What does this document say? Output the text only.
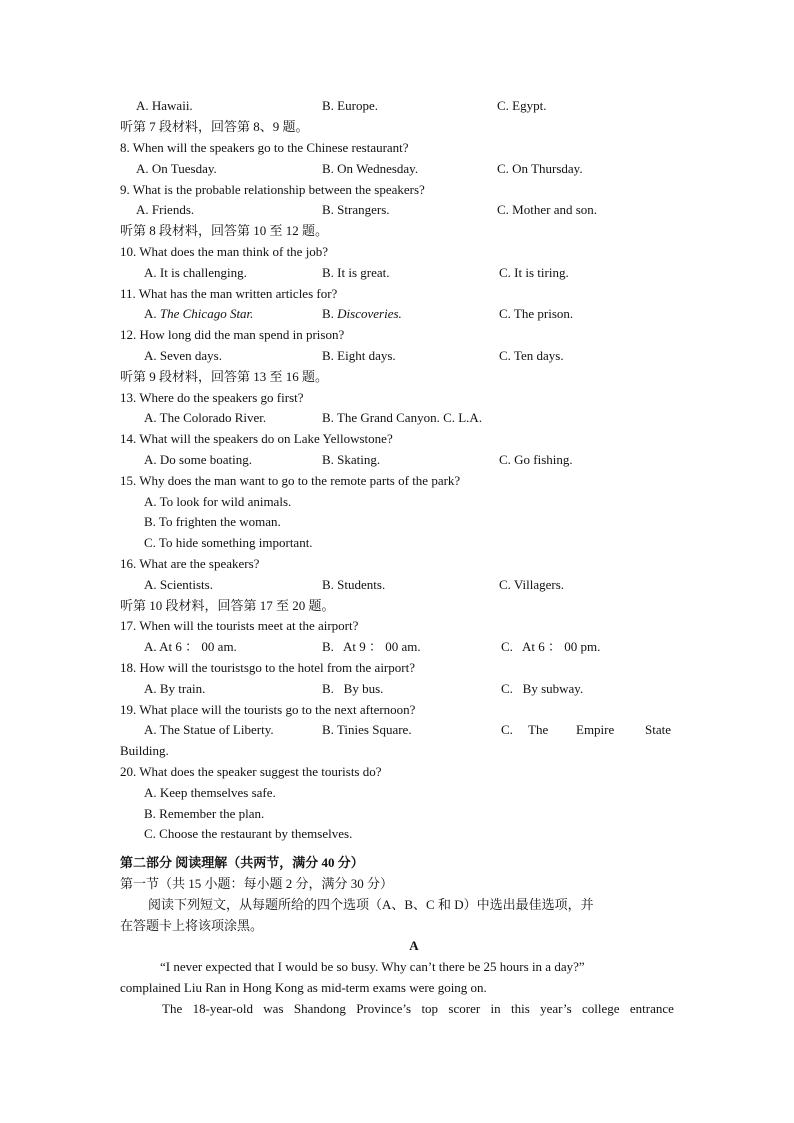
A. Hawaii.	B. Europe.	C. Egypt.
听第 7 段材料，回答第 8、9 题。
8. When will the speakers go to the Chinese restaurant?
A. On Tuesday.	B. On Wednesday.	C. On Thursday.
9. What is the probable relationship between the speakers?
A. Friends.	B. Strangers.	C. Mother and son.
听第 8 段材料，回答第 10 至 12 题。
10. What does the man think of the job?
A. It is challenging.	B. It is great.	C. It is tiring.
11. What has the man written articles for?
A. The Chicago Star.	B. Discoveries.	C. The prison.
12. How long did the man spend in prison?
A. Seven days.	B. Eight days.	C. Ten days.
听第 9 段材料，回答第 13 至 16 题。
13. Where do the speakers go first?
A. The Colorado River.	B. The Grand Canyon. C. L.A.
14. What will the speakers do on Lake Yellowstone?
A. Do some boating.	B. Skating.	C. Go fishing.
15. Why does the man want to go to the remote parts of the park?
A. To look for wild animals.
B. To frighten the woman.
C. To hide something important.
16. What are the speakers?
A. Scientists.	B. Students.	C. Villagers.
听第 10 段材料，回答第 17 至 20 题。
17. When will the tourists meet at the airport?
A. At 6 ： 00 am.	B.   At 9 ： 00 am.	C.   At 6 ： 00 pm.
18. How will the touristsgo to the hotel from the airport?
A. By train.	B.   By bus.	C.   By subway.
19. What place will the tourists go to the next afternoon?
A. The Statue of Liberty.	B. Tinies Square.	C. The Empire State
Building.
20. What does the speaker suggest the tourists do?
A. Keep themselves safe.
B. Remember the plan.
C. Choose the restaurant by themselves.
第二部分 阅读理解（共两节，满分 40 分）
第一节（共 15 小题：每小题 2 分，满分 30 分）
阅读下列短文，从每题所给的四个选项（A、B、C 和 D）中选出最佳选项，并
在答题卡上将该项涂黑。
A
“I never expected that I would be so busy. Why can’t there be 25 hours in a day?”
complained Liu Ran in Hong Kong as mid-term exams were going on.
The 18-year-old was Shandong Province’s top scorer in this year’s college entrance
